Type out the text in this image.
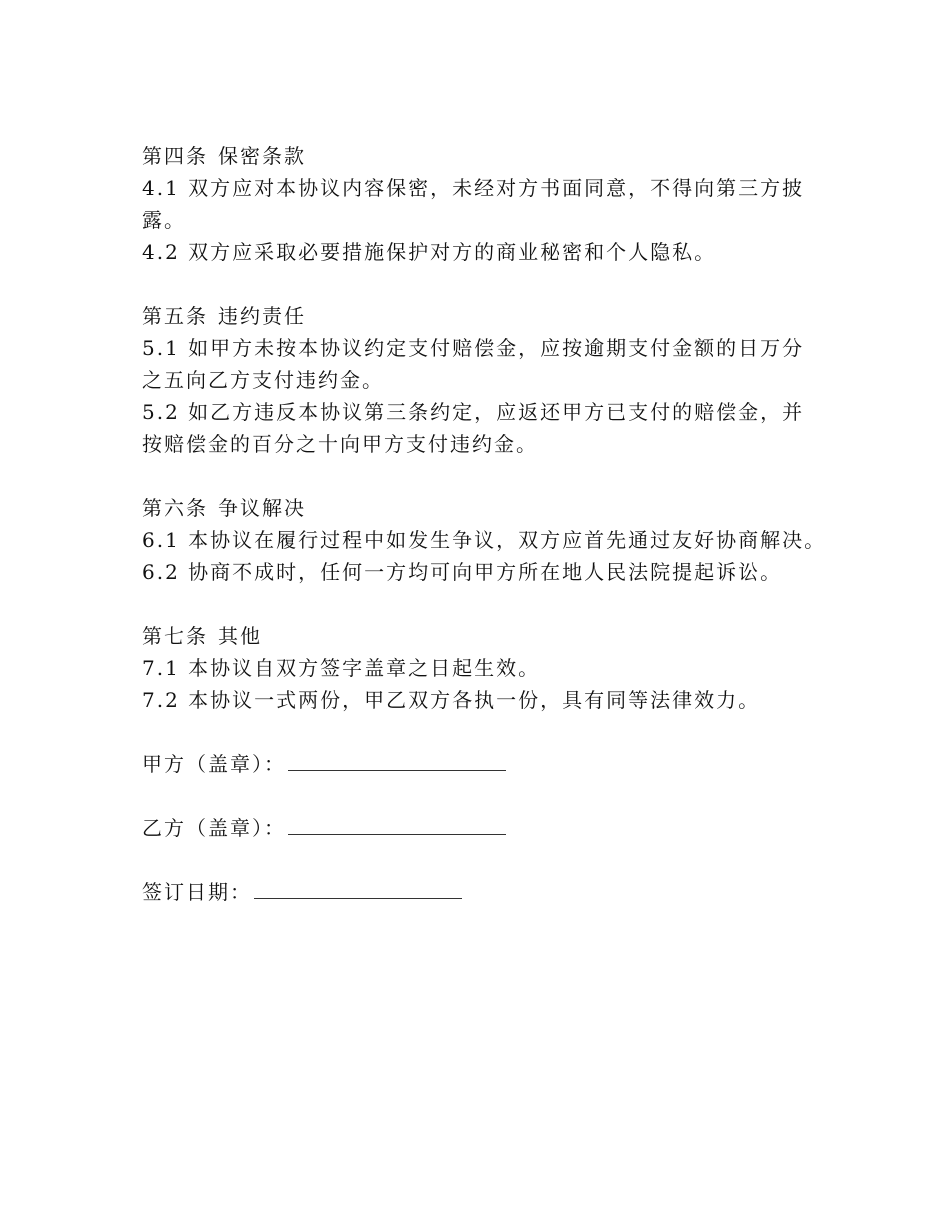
第四条 保密条款
4.1 双方应对本协议内容保密，未经对方书面同意，不得向第三方披
露。
4.2 双方应采取必要措施保护对方的商业秘密和个人隐私。
第五条 违约责任
5.1 如甲方未按本协议约定支付赔偿金，应按逾期支付金额的日万分
之五向乙方支付违约金。
5.2 如乙方违反本协议第三条约定，应返还甲方已支付的赔偿金，并
按赔偿金的百分之十向甲方支付违约金。
第六条 争议解决
6.1 本协议在履行过程中如发生争议，双方应首先通过友好协商解决。
6.2 协商不成时，任何一方均可向甲方所在地人民法院提起诉讼。
第七条 其他
7.1 本协议自双方签字盖章之日起生效。
7.2 本协议一式两份，甲乙双方各执一份，具有同等法律效力。
甲方（盖章）：
乙方（盖章）：
签订日期：
